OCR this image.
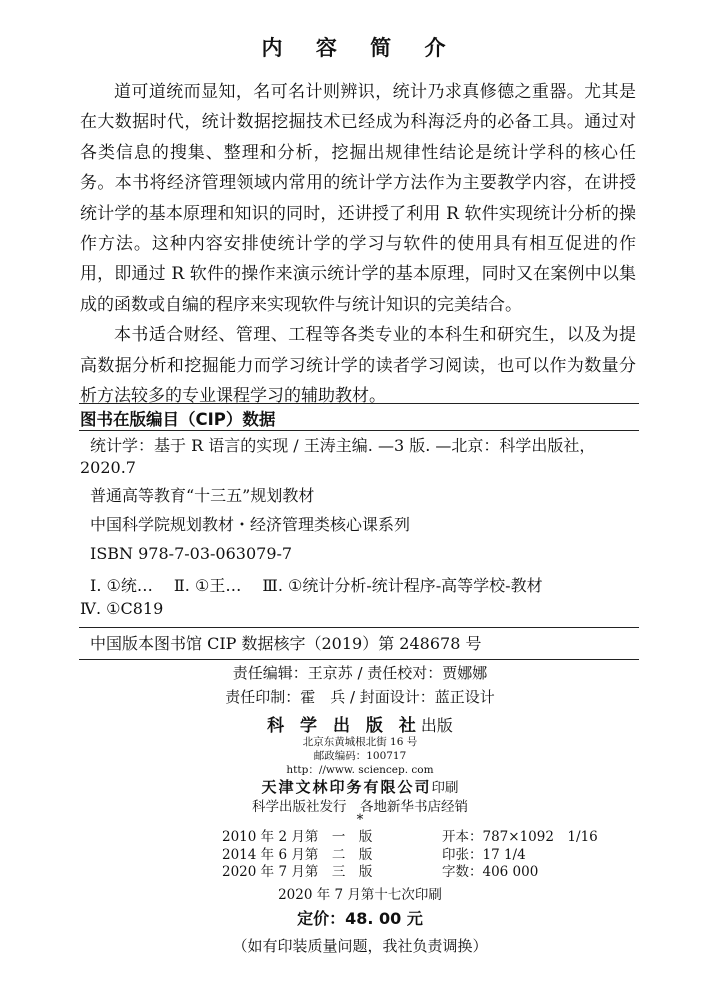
内 容 简 介

道可道统而显知，名可名计则辨识，统计乃求真修德之重器。尤其是在大数据时代，统计数据挖掘技术已经成为科海泛舟的必备工具。通过对各类信息的搜集、整理和分析，挖掘出规律性结论是统计学科的核心任务。本书将经济管理领域内常用的统计学方法作为主要教学内容，在讲授统计学的基本原理和知识的同时，还讲授了利用 R 软件实现统计分析的操作方法。这种内容安排使统计学的学习与软件的使用具有相互促进的作用，即通过 R 软件的操作来演示统计学的基本原理，同时又在案例中以集成的函数或自编的程序来实现软件与统计知识的完美结合。

本书适合财经、管理、工程等各类专业的本科生和研究生，以及为提高数据分析和挖掘能力而学习统计学的读者学习阅读，也可以作为数量分析方法较多的专业课程学习的辅助教材。

图书在版编目（CIP）数据
统计学：基于 R 语言的实现 / 王涛主编. —3 版. —北京：科学出版社，
2020.7
普通高等教育“十三五”规划教材
中国科学院规划教材・经济管理类核心课系列
ISBN 978-7-03-063079-7
Ⅰ. ①统…　 Ⅱ. ①王…　 Ⅲ. ①统计分析-统计程序-高等学校-教材
Ⅳ. ①C819
中国版本图书馆 CIP 数据核字（2019）第 248678 号
责任编辑：王京苏 / 责任校对：贾娜娜
责任印制：霍　兵 / 封面设计：蓝正设计
科 学 出 版 社出版
北京东黄城根北街 16 号
邮政编码：100717
http：//www. sciencep. com
天津文林印务有限公司印刷
科学出版社发行　各地新华书店经销
*
2010 年 2 月第　一　版	开本：787×1092　1/16
2014 年 6 月第　二　版	印张：17 1/4
2020 年 7 月第　三　版	字数：406 000
2020 年 7 月第十七次印刷
定价：48. 00 元
（如有印装质量问题，我社负责调换）
